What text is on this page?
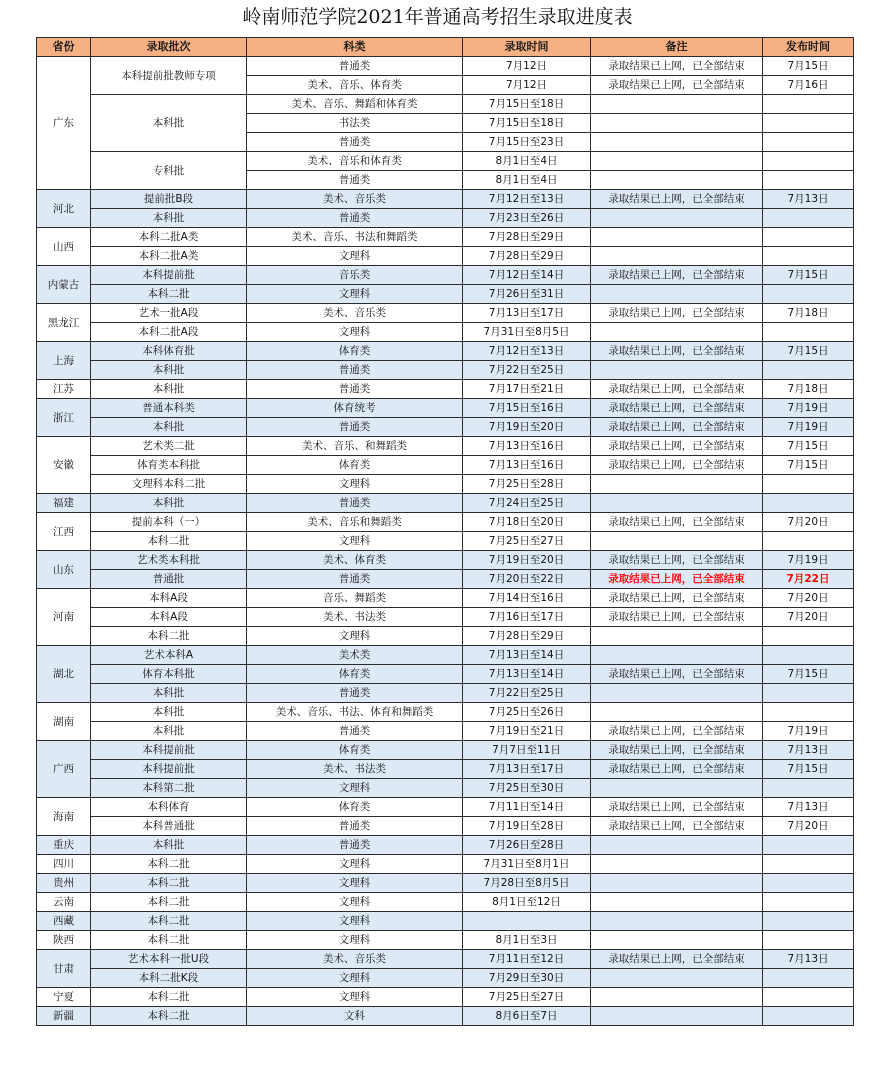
岭南师范学院2021年普通高考招生录取进度表
省份	录取批次	科类	录取时间	备注	发布时间
广东	本科提前批教师专项	普通类	7月12日	录取结果已上网，已全部结束	7月15日
		美术、音乐、体育类	7月12日	录取结果已上网，已全部结束	7月16日
	本科批	美术、音乐、舞蹈和体育类	7月15日至18日		
		书法类	7月15日至18日		
		普通类	7月15日至23日		
	专科批	美术、音乐和体育类	8月1日至4日		
		普通类	8月1日至4日		
河北	提前批B段	美术、音乐类	7月12日至13日	录取结果已上网，已全部结束	7月13日
	本科批	普通类	7月23日至26日		
山西	本科二批A类	美术、音乐、书法和舞蹈类	7月28日至29日		
	本科二批A类	文理科	7月28日至29日		
内蒙古	本科提前批	音乐类	7月12日至14日	录取结果已上网，已全部结束	7月15日
	本科二批	文理科	7月26日至31日		
黑龙江	艺术一批A段	美术、音乐类	7月13日至17日	录取结果已上网，已全部结束	7月18日
	本科二批A段	文理科	7月31日至8月5日		
上海	本科体育批	体育类	7月12日至13日	录取结果已上网，已全部结束	7月15日
	本科批	普通类	7月22日至25日		
江苏	本科批	普通类	7月17日至21日	录取结果已上网，已全部结束	7月18日
浙江	普通本科类	体育统考	7月15日至16日	录取结果已上网，已全部结束	7月19日
	本科批	普通类	7月19日至20日	录取结果已上网，已全部结束	7月19日
安徽	艺术类二批	美术、音乐、和舞蹈类	7月13日至16日	录取结果已上网，已全部结束	7月15日
	体育类本科批	体育类	7月13日至16日	录取结果已上网，已全部结束	7月15日
	文理科本科二批	文理科	7月25日至28日		
福建	本科批	普通类	7月24日至25日		
江西	提前本科（一）	美术、音乐和舞蹈类	7月18日至20日	录取结果已上网，已全部结束	7月20日
	本科二批	文理科	7月25日至27日		
山东	艺术类本科批	美术、体育类	7月19日至20日	录取结果已上网，已全部结束	7月19日
	普通批	普通类	7月20日至22日	录取结果已上网，已全部结束	7月22日
河南	本科A段	音乐、舞蹈类	7月14日至16日	录取结果已上网，已全部结束	7月20日
	本科A段	美术、书法类	7月16日至17日	录取结果已上网，已全部结束	7月20日
	本科二批	文理科	7月28日至29日		
湖北	艺术本科A	美术类	7月13日至14日		
	体育本科批	体育类	7月13日至14日	录取结果已上网，已全部结束	7月15日
	本科批	普通类	7月22日至25日		
湖南	本科批	美术、音乐、书法、体育和舞蹈类	7月25日至26日		
	本科批	普通类	7月19日至21日	录取结果已上网，已全部结束	7月19日
广西	本科提前批	体育类	7月7日至11日	录取结果已上网，已全部结束	7月13日
	本科提前批	美术、书法类	7月13日至17日	录取结果已上网，已全部结束	7月15日
	本科第二批	文理科	7月25日至30日		
海南	本科体育	体育类	7月11日至14日	录取结果已上网，已全部结束	7月13日
	本科普通批	普通类	7月19日至28日	录取结果已上网，已全部结束	7月20日
重庆	本科批	普通类	7月26日至28日		
四川	本科二批	文理科	7月31日至8月1日		
贵州	本科二批	文理科	7月28日至8月5日		
云南	本科二批	文理科	8月1日至12日		
西藏	本科二批	文理科			
陕西	本科二批	文理科	8月1日至3日		
甘肃	艺术本科一批U段	美术、音乐类	7月11日至12日	录取结果已上网，已全部结束	7月13日
	本科二批K段	文理科	7月29日至30日		
宁夏	本科二批	文理科	7月25日至27日		
新疆	本科二批	文科	8月6日至7日		
